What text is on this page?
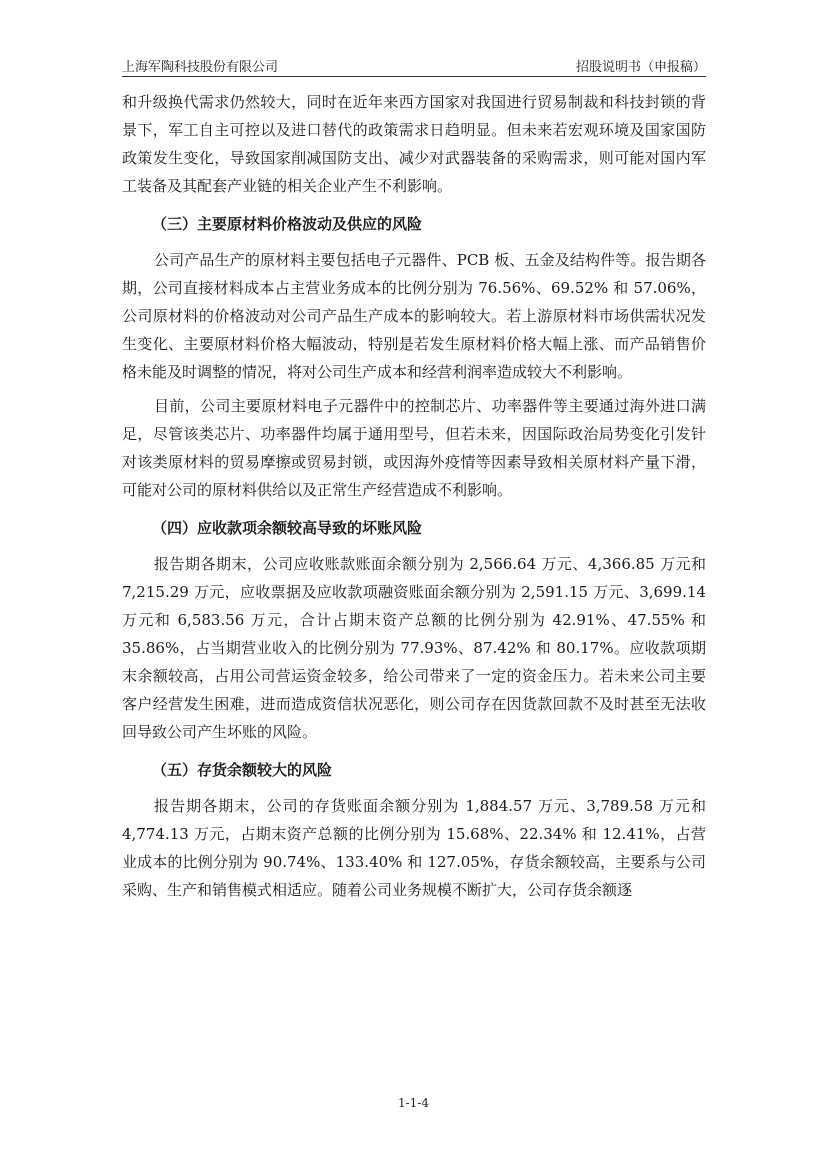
上海军陶科技股份有限公司	招股说明书（申报稿）

和升级换代需求仍然较大，同时在近年来西方国家对我国进行贸易制裁和科技封锁的背景下，军工自主可控以及进口替代的政策需求日趋明显。但未来若宏观环境及国家国防政策发生变化，导致国家削减国防支出、减少对武器装备的采购需求，则可能对国内军工装备及其配套产业链的相关企业产生不利影响。

（三）主要原材料价格波动及供应的风险

公司产品生产的原材料主要包括电子元器件、PCB 板、五金及结构件等。报告期各期，公司直接材料成本占主营业务成本的比例分别为 76.56%、69.52% 和 57.06%，公司原材料的价格波动对公司产品生产成本的影响较大。若上游原材料市场供需状况发生变化、主要原材料价格大幅波动，特别是若发生原材料价格大幅上涨、而产品销售价格未能及时调整的情况，将对公司生产成本和经营利润率造成较大不利影响。

目前，公司主要原材料电子元器件中的控制芯片、功率器件等主要通过海外进口满足，尽管该类芯片、功率器件均属于通用型号，但若未来，因国际政治局势变化引发针对该类原材料的贸易摩擦或贸易封锁，或因海外疫情等因素导致相关原材料产量下滑，可能对公司的原材料供给以及正常生产经营造成不利影响。

（四）应收款项余额较高导致的坏账风险

报告期各期末，公司应收账款账面余额分别为 2,566.64 万元、4,366.85 万元和 7,215.29 万元，应收票据及应收款项融资账面余额分别为 2,591.15 万元、3,699.14 万元和 6,583.56 万元，合计占期末资产总额的比例分别为 42.91%、47.55% 和 35.86%，占当期营业收入的比例分别为 77.93%、87.42% 和 80.17%。应收款项期末余额较高，占用公司营运资金较多，给公司带来了一定的资金压力。若未来公司主要客户经营发生困难，进而造成资信状况恶化，则公司存在因货款回款不及时甚至无法收回导致公司产生坏账的风险。

（五）存货余额较大的风险

报告期各期末，公司的存货账面余额分别为 1,884.57 万元、3,789.58 万元和 4,774.13 万元，占期末资产总额的比例分别为 15.68%、22.34% 和 12.41%，占营业成本的比例分别为 90.74%、133.40% 和 127.05%，存货余额较高，主要系与公司采购、生产和销售模式相适应。随着公司业务规模不断扩大，公司存货余额逐

1-1-4
